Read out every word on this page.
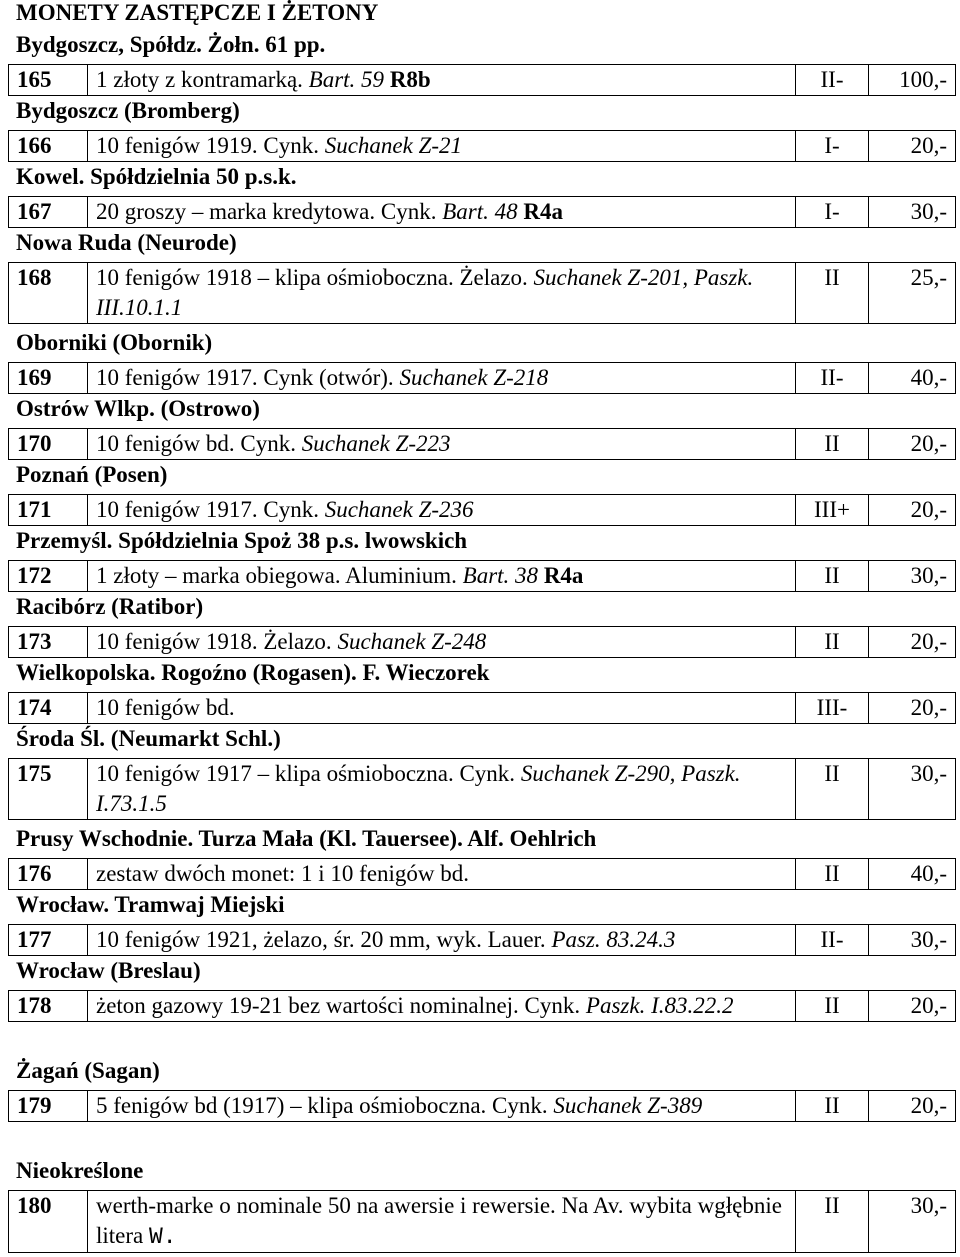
MONETY ZASTĘPCZE I ŻETONY
Bydgoszcz, Spółdz. Żołn. 61 pp.
165	1 złoty z kontramarką. Bart. 59 R8b	II-	100,-
Bydgoszcz (Bromberg)
166	10 fenigów 1919. Cynk. Suchanek Z-21	I-	20,-
Kowel. Spółdzielnia 50 p.s.k.
167	20 groszy – marka kredytowa. Cynk. Bart. 48 R4a	I-	30,-
Nowa Ruda (Neurode)
168	10 fenigów 1918 – klipa ośmioboczna. Żelazo. Suchanek Z-201, Paszk. III.10.1.1	II	25,-
Oborniki (Obornik)
169	10 fenigów 1917. Cynk (otwór). Suchanek Z-218	II-	40,-
Ostrów Wlkp. (Ostrowo)
170	10 fenigów bd. Cynk. Suchanek Z-223	II	20,-
Poznań (Posen)
171	10 fenigów 1917. Cynk. Suchanek Z-236	III+	20,-
Przemyśl. Spółdzielnia Spoż 38 p.s. lwowskich
172	1 złoty – marka obiegowa. Aluminium. Bart. 38 R4a	II	30,-
Racibórz (Ratibor)
173	10 fenigów 1918. Żelazo. Suchanek Z-248	II	20,-
Wielkopolska. Rogoźno (Rogasen). F. Wieczorek
174	10 fenigów bd.	III-	20,-
Środa Śl. (Neumarkt Schl.)
175	10 fenigów 1917 – klipa ośmioboczna. Cynk. Suchanek Z-290, Paszk. I.73.1.5	II	30,-
Prusy Wschodnie. Turza Mała (Kl. Tauersee). Alf. Oehlrich
176	zestaw dwóch monet: 1 i 10 fenigów bd.	II	40,-
Wrocław. Tramwaj Miejski
177	10 fenigów 1921, żelazo, śr. 20 mm, wyk. Lauer. Pasz. 83.24.3	II-	30,-
Wrocław (Breslau)
178	żeton gazowy 19-21 bez wartości nominalnej. Cynk. Paszk. I.83.22.2	II	20,-
Żagań (Sagan)
179	5 fenigów bd (1917) – klipa ośmioboczna. Cynk. Suchanek Z-389	II	20,-
Nieokreślone
180	werth-marke o nominale 50 na awersie i rewersie. Na Av. wybita wgłębnie litera W.	II	30,-
